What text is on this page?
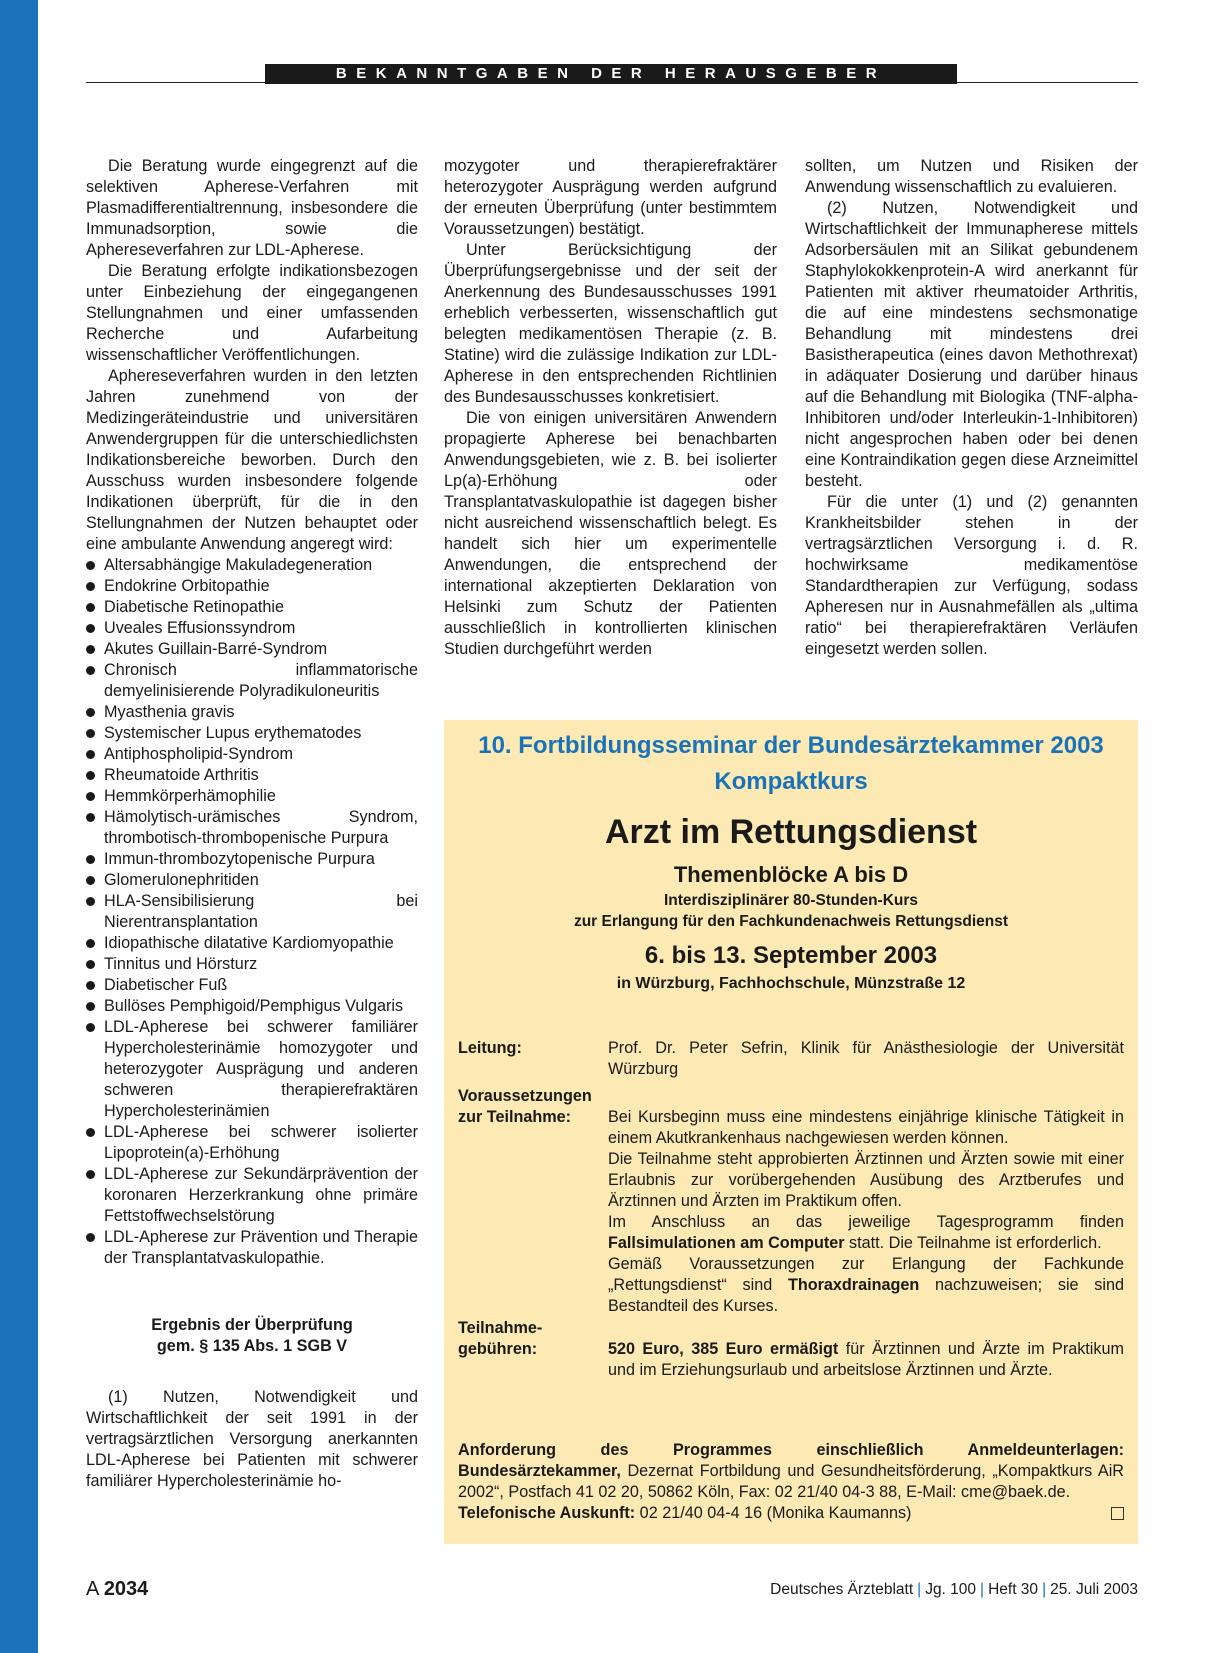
BEKANNTGABEN DER HERAUSGEBER

Die Beratung wurde eingegrenzt auf die selektiven Apherese-Verfahren mit Plasmadifferentialtrennung, insbesondere die Immunadsorption, sowie die Aphereseverfahren zur LDL-Apherese.

Die Beratung erfolgte indikationsbezogen unter Einbeziehung der eingegangenen Stellungnahmen und einer umfassenden Recherche und Aufarbeitung wissenschaftlicher Veröffentlichungen.

Aphereseverfahren wurden in den letzten Jahren zunehmend von der Medizingeräteindustrie und universitären Anwendergruppen für die unterschiedlichsten Indikationsbereiche beworben. Durch den Ausschuss wurden insbesondere folgende Indikationen überprüft, für die in den Stellungnahmen der Nutzen behauptet oder eine ambulante Anwendung angeregt wird:

Altersabhängige Makuladegeneration
Endokrine Orbitopathie
Diabetische Retinopathie
Uveales Effusionssyndrom
Akutes Guillain-Barré-Syndrom
Chronisch inflammatorische demyelinisierende Polyradikuloneuritis
Myasthenia gravis
Systemischer Lupus erythematodes
Antiphospholipid-Syndrom
Rheumatoide Arthritis
Hemmkörperhämophilie
Hämolytisch-urämisches Syndrom, thrombotisch-thrombopenische Purpura
Immun-thrombozytopenische Purpura
Glomerulonephritiden
HLA-Sensibilisierung bei Nierentransplantation
Idiopathische dilatative Kardiomyopathie
Tinnitus und Hörsturz
Diabetischer Fuß
Bullöses Pemphigoid/Pemphigus Vulgaris
LDL-Apherese bei schwerer familiärer Hypercholesterinämie homozygoter und heterozygoter Ausprägung und anderen schweren therapierefraktären Hypercholesterinämien
LDL-Apherese bei schwerer isolierter Lipoprotein(a)-Erhöhung
LDL-Apherese zur Sekundärprävention der koronaren Herzerkrankung ohne primäre Fettstoffwechselstörung
LDL-Apherese zur Prävention und Therapie der Transplantatvaskulopathie.
Ergebnis der Überprüfung
gem. § 135 Abs. 1 SGB V

(1) Nutzen, Notwendigkeit und Wirtschaftlichkeit der seit 1991 in der vertragsärztlichen Versorgung anerkannten LDL-Apherese bei Patienten mit schwerer familiärer Hypercholesterinämie ho-

mozygoter und therapierefraktärer heterozygoter Ausprägung werden aufgrund der erneuten Überprüfung (unter bestimmtem Voraussetzungen) bestätigt.

Unter Berücksichtigung der Überprüfungsergebnisse und der seit der Anerkennung des Bundesausschusses 1991 erheblich verbesserten, wissenschaftlich gut belegten medikamentösen Therapie (z. B. Statine) wird die zulässige Indikation zur LDL-Apherese in den entsprechenden Richtlinien des Bundesausschusses konkretisiert.

Die von einigen universitären Anwendern propagierte Apherese bei benachbarten Anwendungsgebieten, wie z. B. bei isolierter Lp(a)-Erhöhung oder Transplantatvaskulopathie ist dagegen bisher nicht ausreichend wissenschaftlich belegt. Es handelt sich hier um experimentelle Anwendungen, die entsprechend der international akzeptierten Deklaration von Helsinki zum Schutz der Patienten ausschließlich in kontrollierten klinischen Studien durchgeführt werden

sollten, um Nutzen und Risiken der Anwendung wissenschaftlich zu evaluieren.

(2) Nutzen, Notwendigkeit und Wirtschaftlichkeit der Immunapherese mittels Adsorbersäulen mit an Silikat gebundenem Staphylokokkenprotein-A wird anerkannt für Patienten mit aktiver rheumatoider Arthritis, die auf eine mindestens sechsmonatige Behandlung mit mindestens drei Basistherapeutica (eines davon Methothrexat) in adäquater Dosierung und darüber hinaus auf die Behandlung mit Biologika (TNF-alpha-Inhibitoren und/oder Interleukin-1-Inhibitoren) nicht angesprochen haben oder bei denen eine Kontraindikation gegen diese Arzneimittel besteht.

Für die unter (1) und (2) genannten Krankheitsbilder stehen in der vertragsärztlichen Versorgung i. d. R. hochwirksame medikamentöse Standardtherapien zur Verfügung, sodass Apheresen nur in Ausnahmefällen als „ultima ratio“ bei therapierefraktären Verläufen eingesetzt werden sollen.

10. Fortbildungsseminar der Bundesärztekammer 2003
Kompaktkurs
Arzt im Rettungsdienst
Themenblöcke A bis D
Interdisziplinärer 80-Stunden-Kurs
zur Erlangung für den Fachkundenachweis Rettungsdienst
6. bis 13. September 2003
in Würzburg, Fachhochschule, Münzstraße 12
Leitung:	Prof. Dr. Peter Sefrin, Klinik für Anästhesiologie der Universität Würzburg
Voraussetzungen
zur Teilnahme:	Bei Kursbeginn muss eine mindestens einjährige klinische Tätigkeit in einem Akutkrankenhaus nachgewiesen werden können.

Die Teilnahme steht approbierten Ärztinnen und Ärzten sowie mit einer Erlaubnis zur vorübergehenden Ausübung des Arztberufes und Ärztinnen und Ärzten im Praktikum offen.

Im Anschluss an das jeweilige Tagesprogramm finden Fallsimulationen am Computer statt. Die Teilnahme ist erforderlich.

Gemäß Voraussetzungen zur Erlangung der Fachkunde „Rettungsdienst“ sind Thoraxdrainagen nachzuweisen; sie sind Bestandteil des Kurses.

Teilnahme-
gebühren:	520 Euro, 385 Euro ermäßigt für Ärztinnen und Ärzte im Praktikum und im Erziehungsurlaub und arbeitslose Ärztinnen und Ärzte.
Anforderung des Programmes einschließlich Anmeldeunterlagen: Bundesärztekammer, Dezernat Fortbildung und Gesundheitsförderung, „Kompaktkurs AiR 2002“, Postfach 41 02 20, 50862 Köln, Fax: 02 21/40 04-3 88, E-Mail: cme@baek.de.
Telefonische Auskunft: 02 21/40 04-4 16 (Monika Kaumanns)
A 2034	Deutsches Ärzteblatt | Jg. 100 | Heft 30 | 25. Juli 2003
